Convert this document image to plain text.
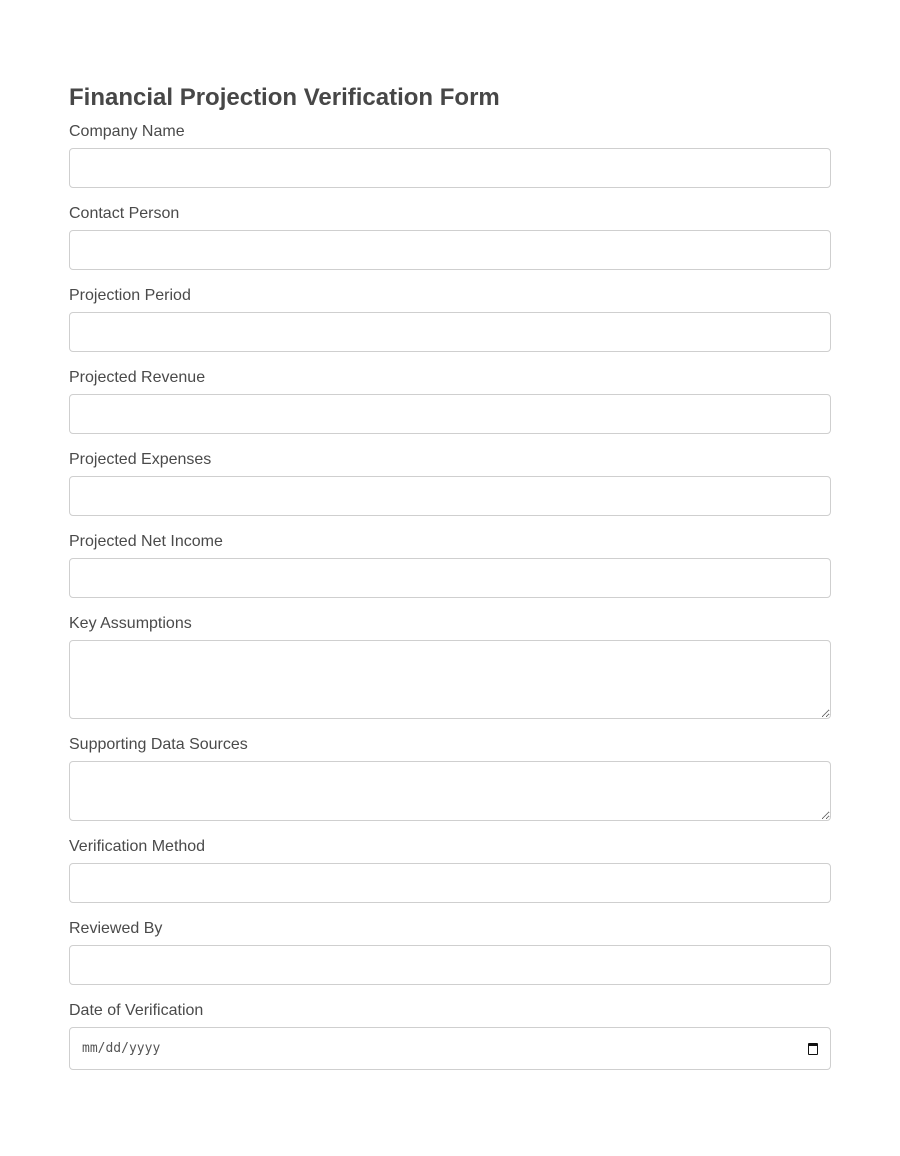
Financial Projection Verification Form
Company Name
Contact Person
Projection Period
Projected Revenue
Projected Expenses
Projected Net Income
Key Assumptions
Supporting Data Sources
Verification Method
Reviewed By
Date of Verification
mm/dd/yyyy
